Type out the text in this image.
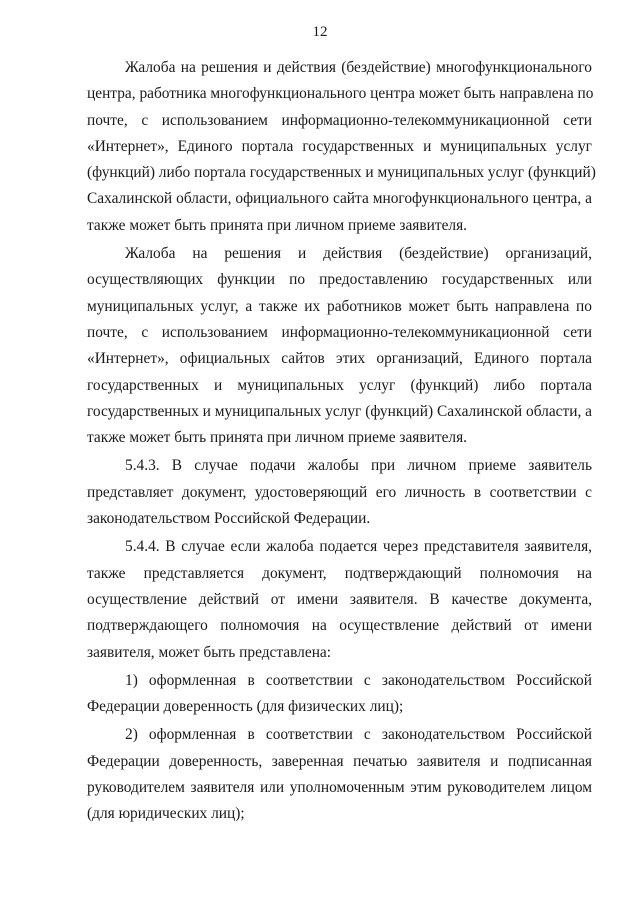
12

Жалоба на решения и действия (бездействие) многофункционального
центра, работника многофункционального центра может быть направлена по
почте, с использованием информационно-телекоммуникационной сети
«Интернет», Единого портала государственных и муниципальных услуг
(функций) либо портала государственных и муниципальных услуг (функций)
Сахалинской области, официального сайта многофункционального центра, а
также может быть принята при личном приеме заявителя.

Жалоба на решения и действия (бездействие) организаций,
осуществляющих функции по предоставлению государственных или
муниципальных услуг, а также их работников может быть направлена по
почте, с использованием информационно-телекоммуникационной сети
«Интернет», официальных сайтов этих организаций, Единого портала
государственных и муниципальных услуг (функций) либо портала
государственных и муниципальных услуг (функций) Сахалинской области, а
также может быть принята при личном приеме заявителя.

5.4.3. В случае подачи жалобы при личном приеме заявитель
представляет документ, удостоверяющий его личность в соответствии с
законодательством Российской Федерации.

5.4.4. В случае если жалоба подается через представителя заявителя,
также представляется документ, подтверждающий полномочия на
осуществление действий от имени заявителя. В качестве документа,
подтверждающего полномочия на осуществление действий от имени
заявителя, может быть представлена:

1) оформленная в соответствии с законодательством Российской
Федерации доверенность (для физических лиц);

2) оформленная в соответствии с законодательством Российской
Федерации доверенность, заверенная печатью заявителя и подписанная
руководителем заявителя или уполномоченным этим руководителем лицом
(для юридических лиц);
